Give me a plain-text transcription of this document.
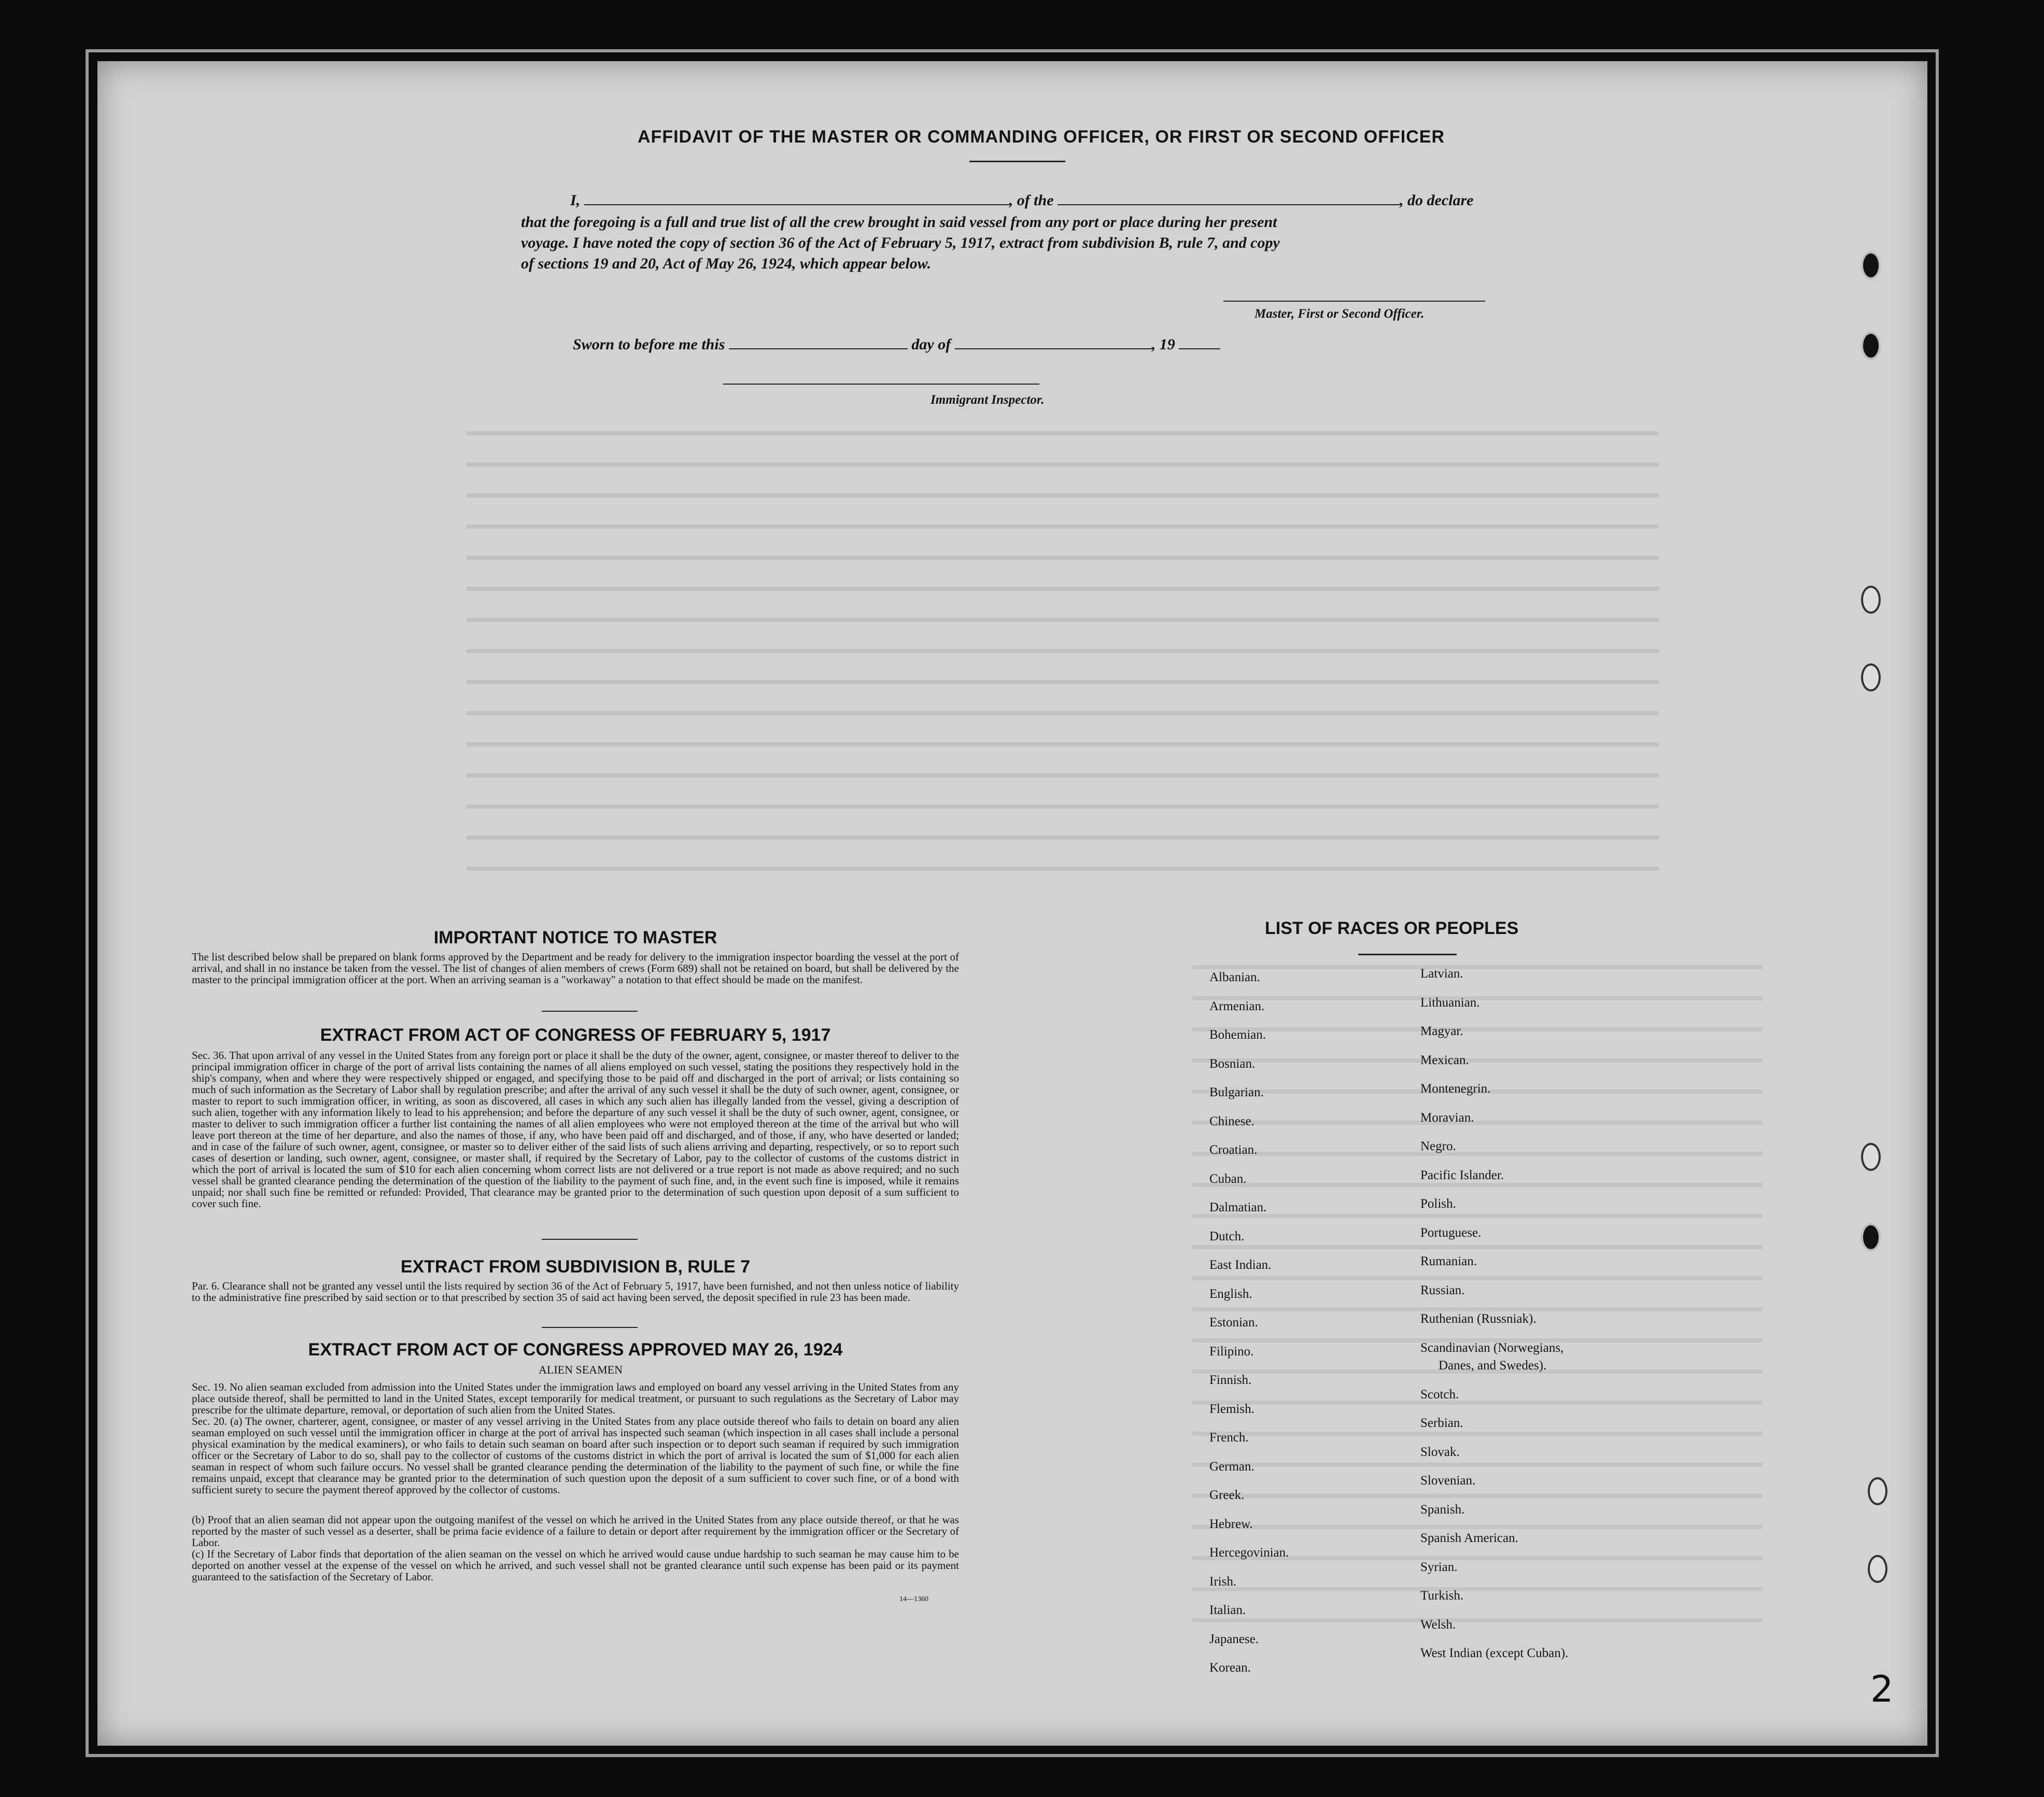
AFFIDAVIT OF THE MASTER OR COMMANDING OFFICER, OR FIRST OR SECOND OFFICER
I,	, of the	, do declare
that the foregoing is a full and true list of all the crew brought in said vessel from any port or place during her present
voyage. I have noted the copy of section 36 of the Act of February 5, 1917, extract from subdivision B, rule 7, and copy
of sections 19 and 20, Act of May 26, 1924, which appear below.
Master, First or Second Officer.
Sworn to before me this	day of	, 19
Immigrant Inspector.
IMPORTANT NOTICE TO MASTER
The list described below shall be prepared on blank forms approved by the Department and be ready for delivery to the immigration inspector boarding the vessel at the port of arrival, and shall in no instance be taken from the vessel. The list of changes of alien members of crews (Form 689) shall not be retained on board, but shall be delivered by the master to the principal immigration officer at the port. When an arriving seaman is a "workaway" a notation to that effect should be made on the manifest.
EXTRACT FROM ACT OF CONGRESS OF FEBRUARY 5, 1917
Sec. 36. That upon arrival of any vessel in the United States from any foreign port or place it shall be the duty of the owner, agent, consignee, or master thereof to deliver to the principal immigration officer in charge of the port of arrival lists containing the names of all aliens employed on such vessel, stating the positions they respectively hold in the ship's company, when and where they were respectively shipped or engaged, and specifying those to be paid off and discharged in the port of arrival; or lists containing so much of such information as the Secretary of Labor shall by regulation prescribe; and after the arrival of any such vessel it shall be the duty of such owner, agent, consignee, or master to report to such immigration officer, in writing, as soon as discovered, all cases in which any such alien has illegally landed from the vessel, giving a description of such alien, together with any information likely to lead to his apprehension; and before the departure of any such vessel it shall be the duty of such owner, agent, consignee, or master to deliver to such immigration officer a further list containing the names of all alien employees who were not employed thereon at the time of the arrival but who will leave port thereon at the time of her departure, and also the names of those, if any, who have been paid off and discharged, and of those, if any, who have deserted or landed; and in case of the failure of such owner, agent, consignee, or master so to deliver either of the said lists of such aliens arriving and departing, respectively, or so to report such cases of desertion or landing, such owner, agent, consignee, or master shall, if required by the Secretary of Labor, pay to the collector of customs of the customs district in which the port of arrival is located the sum of $10 for each alien concerning whom correct lists are not delivered or a true report is not made as above required; and no such vessel shall be granted clearance pending the determination of the question of the liability to the payment of such fine, and, in the event such fine is imposed, while it remains unpaid; nor shall such fine be remitted or refunded: Provided, That clearance may be granted prior to the determination of such question upon deposit of a sum sufficient to cover such fine.
EXTRACT FROM SUBDIVISION B, RULE 7
Par. 6. Clearance shall not be granted any vessel until the lists required by section 36 of the Act of February 5, 1917, have been furnished, and not then unless notice of liability to the administrative fine prescribed by said section or to that prescribed by section 35 of said act having been served, the deposit specified in rule 23 has been made.
EXTRACT FROM ACT OF CONGRESS APPROVED MAY 26, 1924
ALIEN SEAMEN
Sec. 19. No alien seaman excluded from admission into the United States under the immigration laws and employed on board any vessel arriving in the United States from any place outside thereof, shall be permitted to land in the United States, except temporarily for medical treatment, or pursuant to such regulations as the Secretary of Labor may prescribe for the ultimate departure, removal, or deportation of such alien from the United States.
Sec. 20. (a) The owner, charterer, agent, consignee, or master of any vessel arriving in the United States from any place outside thereof who fails to detain on board any alien seaman employed on such vessel until the immigration officer in charge at the port of arrival has inspected such seaman (which inspection in all cases shall include a personal physical examination by the medical examiners), or who fails to detain such seaman on board after such inspection or to deport such seaman if required by such immigration officer or the Secretary of Labor to do so, shall pay to the collector of customs of the customs district in which the port of arrival is located the sum of $1,000 for each alien seaman in respect of whom such failure occurs. No vessel shall be granted clearance pending the determination of the liability to the payment of such fine, or while the fine remains unpaid, except that clearance may be granted prior to the determination of such question upon the deposit of a sum sufficient to cover such fine, or of a bond with sufficient surety to secure the payment thereof approved by the collector of customs.
(b) Proof that an alien seaman did not appear upon the outgoing manifest of the vessel on which he arrived in the United States from any place outside thereof, or that he was reported by the master of such vessel as a deserter, shall be prima facie evidence of a failure to detain or deport after requirement by the immigration officer or the Secretary of Labor.
(c) If the Secretary of Labor finds that deportation of the alien seaman on the vessel on which he arrived would cause undue hardship to such seaman he may cause him to be deported on another vessel at the expense of the vessel on which he arrived, and such vessel shall not be granted clearance until such expense has been paid or its payment guaranteed to the satisfaction of the Secretary of Labor.
14—1360
LIST OF RACES OR PEOPLES
Albanian.
Armenian.
Bohemian.
Bosnian.
Bulgarian.
Chinese.
Croatian.
Cuban.
Dalmatian.
Dutch.
East Indian.
English.
Estonian.
Filipino.
Finnish.
Flemish.
French.
German.
Greek.
Hebrew.
Hercegovinian.
Irish.
Italian.
Japanese.
Korean.
Latvian.
Lithuanian.
Magyar.
Mexican.
Montenegrin.
Moravian.
Negro.
Pacific Islander.
Polish.
Portuguese.
Rumanian.
Russian.
Ruthenian (Russniak).
Scandinavian (Norwegians,
Danes, and Swedes).
Scotch.
Serbian.
Slovak.
Slovenian.
Spanish.
Spanish American.
Syrian.
Turkish.
Welsh.
West Indian (except Cuban).
2
